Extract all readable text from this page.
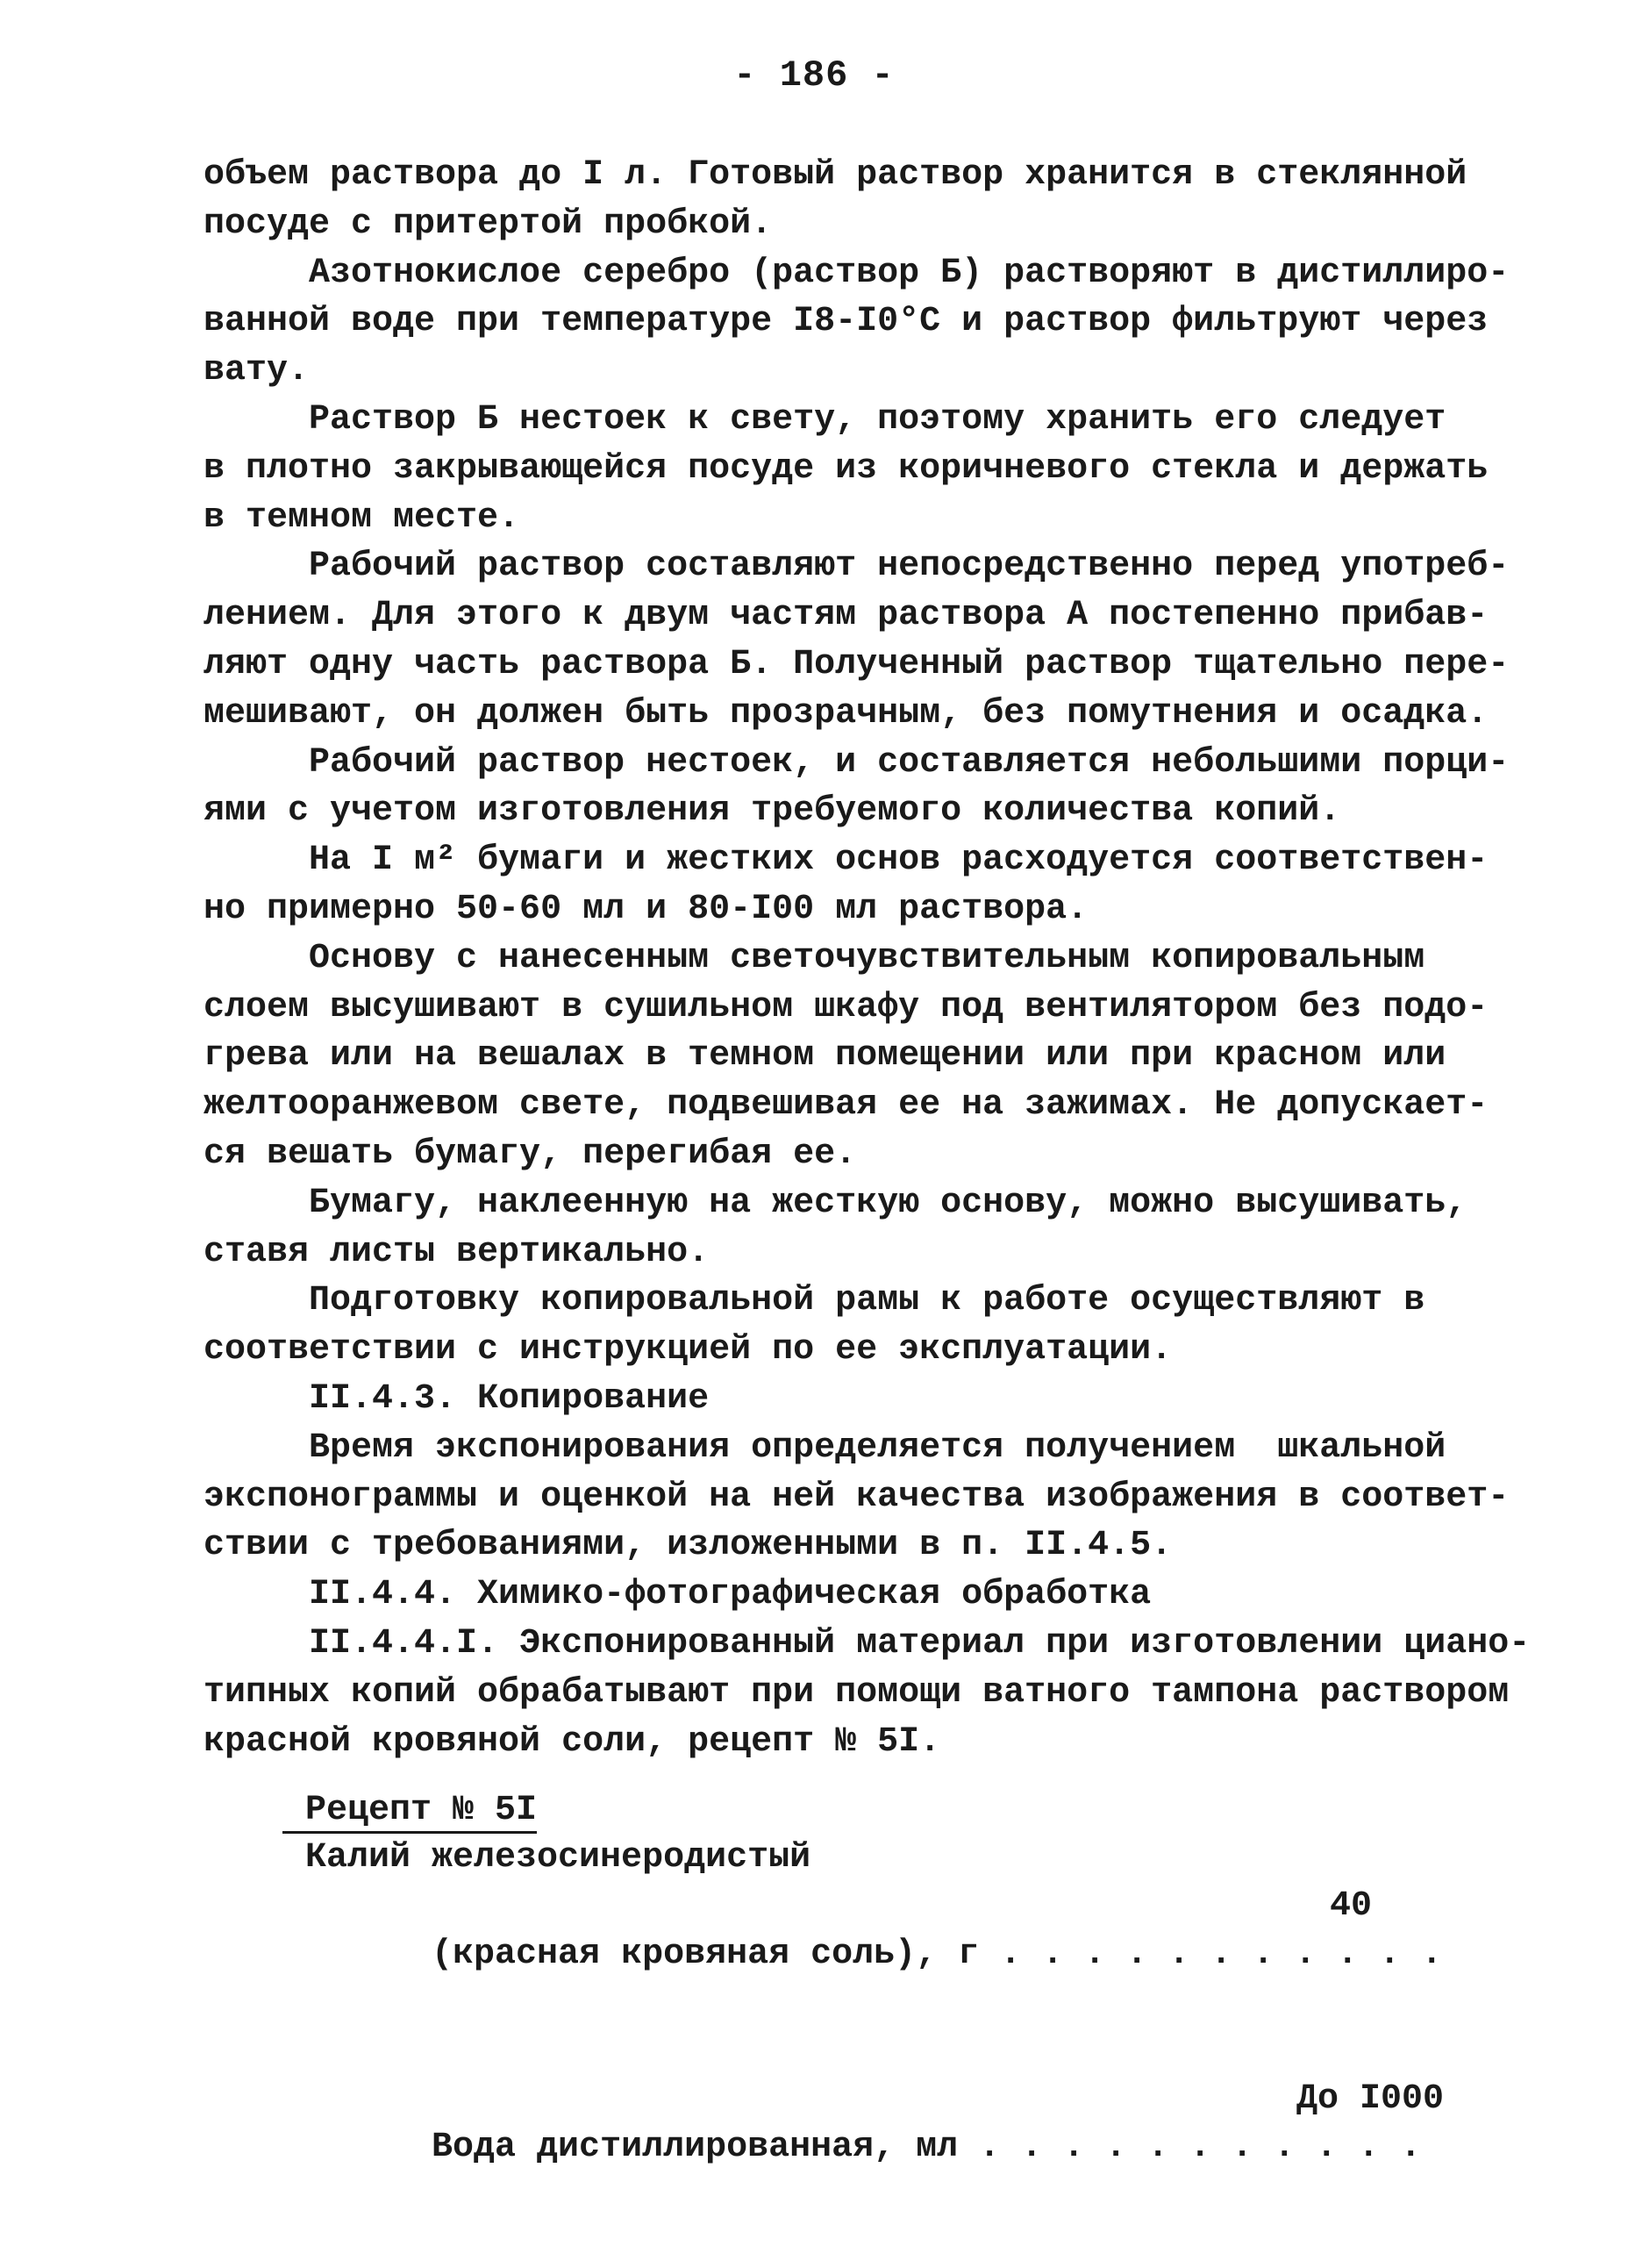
- 186 -

объем раствора до I л. Готовый раствор хранится в стеклянной

посуде с притертой пробкой.

Азотнокислое серебро (раствор Б) растворяют в дистиллиро-

ванной воде при температуре I8-I0°C и раствор фильтруют через

вату.

Раствор Б нестоек к свету, поэтому хранить его следует

в плотно закрывающейся посуде из коричневого стекла и держать

в темном месте.

Рабочий раствор составляют непосредственно перед употреб-

лением. Для этого к двум частям раствора А постепенно прибав-

ляют одну часть раствора Б. Полученный раствор тщательно пере-

мешивают, он должен быть прозрачным, без помутнения и осадка.

Рабочий раствор нестоек, и составляется небольшими порци-

ями с учетом изготовления требуемого количества копий.

На I м² бумаги и жестких основ расходуется соответствен-

но примерно 50-60 мл и 80-I00 мл раствора.

Основу с нанесенным светочувствительным копировальным

слоем высушивают в сушильном шкафу под вентилятором без подо-

грева или на вешалах в темном помещении или при красном или

желтооранжевом свете, подвешивая ее на зажимах. Не допускает-

ся вешать бумагу, перегибая ее.

Бумагу, наклеенную на жесткую основу, можно высушивать,

ставя листы вертикально.

Подготовку копировальной рамы к работе осуществляют в

соответствии с инструкцией по ее эксплуатации.

II.4.3. Копирование

Время экспонирования определяется получением  шкальной

экспонограммы и оценкой на ней качества изображения в соответ-

ствии с требованиями, изложенными в п. II.4.5.

II.4.4. Химико-фотографическая обработка

II.4.4.I. Экспонированный материал при изготовлении циано-

типных копий обрабатывают при помощи ватного тампона раствором

красной кровяной соли, рецепт № 5I.

Рецепт № 5I
Калий железосинеродистый

(красная кровяная соль), г . . . . . . . . . . .

40

Вода дистиллированная, мл . . . . . . . . . . .

До I000
